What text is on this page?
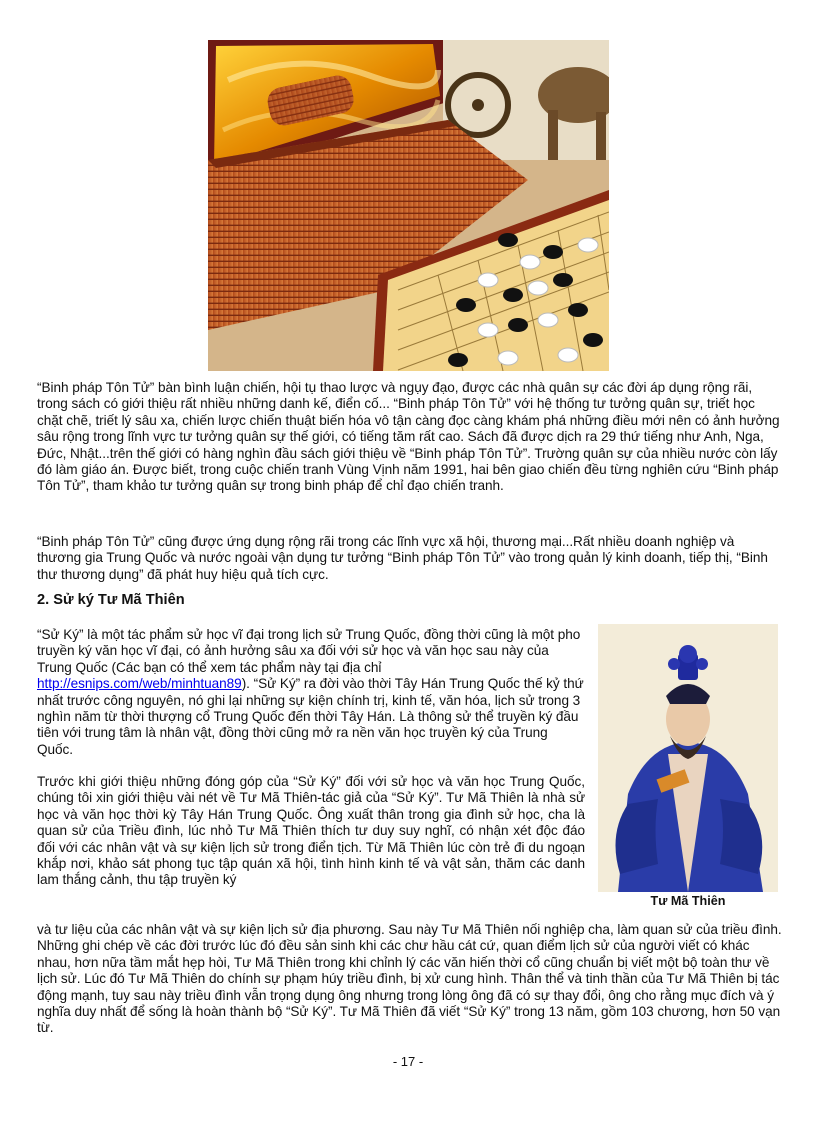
“Binh pháp Tôn Tử” bàn bình luận chiến, hội tụ thao lược và ngụy đạo, được các nhà quân sự các đời áp dụng rộng rãi, trong sách có giới thiệu rất nhiều những danh kế, điển cố... “Binh pháp Tôn Tử” với hệ thống tư tưởng quân sự, triết học chặt chẽ, triết lý sâu xa, chiến lược chiến thuật biến hóa vô tận càng đọc càng khám phá những điều mới nên có ảnh hưởng sâu rộng trong lĩnh vực tư tưởng quân sự thế giới, có tiếng tăm rất cao. Sách đã được dịch ra 29 thứ tiếng như Anh, Nga, Đức, Nhật...trên thế giới có hàng nghìn đầu sách giới thiệu về “Binh pháp Tôn Tử”. Trường quân sự của nhiều nước còn lấy đó làm giáo án. Được biết, trong cuộc chiến tranh Vùng Vịnh năm 1991, hai bên giao chiến đều từng nghiên cứu “Binh pháp Tôn Tử”, tham khảo tư tưởng quân sự trong binh pháp để chỉ đạo chiến tranh.

“Binh pháp Tôn Tử” cũng được ứng dụng rộng rãi trong các lĩnh vực xã hội, thương mại...Rất nhiều doanh nghiệp và thương gia Trung Quốc và nước ngoài vận dụng tư tưởng “Binh pháp Tôn Tử” vào trong quản lý kinh doanh, tiếp thị, “Binh thư thương dụng” đã phát huy hiệu quả tích cực.

2. Sử ký Tư Mã Thiên

“Sử Ký” là một tác phẩm sử học vĩ đại trong lịch sử Trung Quốc, đồng thời cũng là một pho truyền ký văn học vĩ đại, có ảnh hưởng sâu xa đối với sử học và văn học sau này của Trung Quốc (Các bạn có thể xem tác phẩm này tại địa chỉ http://esnips.com/web/minhtuan89). “Sử Ký” ra đời vào thời Tây Hán Trung Quốc thế kỷ thứ nhất trước công nguyên, nó ghi lại những sự kiện chính trị, kinh tế, văn hóa, lịch sử trong 3 nghìn năm từ thời thượng cổ Trung Quốc đến thời Tây Hán. Là thông sử thể truyền ký đầu tiên với trung tâm là nhân vật, đồng thời cũng mở ra nền văn học truyền ký của Trung Quốc.

Trước khi giới thiệu những đóng góp của “Sử Ký” đối với sử học và văn học Trung Quốc, chúng tôi xin giới thiệu vài nét về Tư Mã Thiên-tác giả của “Sử Ký”. Tư Mã Thiên là nhà sử học và văn học thời kỳ Tây Hán Trung Quốc. Ông xuất thân trong gia đình sử học, cha là quan sử của Triều đình, lúc nhỏ Tư Mã Thiên thích tư duy suy nghĩ, có nhận xét độc đáo đối với các nhân vật và sự kiện lịch sử trong điển tịch. Từ Mã Thiên lúc còn trẻ đi du ngoạn khắp nơi, khảo sát phong tục tập quán xã hội, tình hình kinh tế và vật sản, thăm các danh lam thắng cảnh, thu tập truyền ký

Tư Mã Thiên

và tư liệu của các nhân vật và sự kiện lịch sử địa phương. Sau này Tư Mã Thiên nối nghiệp cha, làm quan sử của triều đình. Những ghi chép về các đời trước lúc đó đều sản sinh khi các chư hầu cát cứ, quan điểm lịch sử của người viết có khác nhau, hơn nữa tầm mắt hẹp hòi, Tư Mã Thiên trong khi chỉnh lý các văn hiến thời cổ cũng chuẩn bị viết một bộ toàn thư về lịch sử. Lúc đó Tư Mã Thiên do chính sự phạm húy triều đình, bị xử cung hình. Thân thể và tinh thần của Tư Mã Thiên bị tác động mạnh, tuy sau này triều đình vẫn trọng dụng ông nhưng trong lòng ông đã có sự thay đổi, ông cho rằng mục đích và ý nghĩa duy nhất để sống là hoàn thành bộ “Sử Ký”. Tư Mã Thiên đã viết “Sử Ký” trong 13 năm, gồm 103 chương, hơn 50 vạn từ.

- 17 -
